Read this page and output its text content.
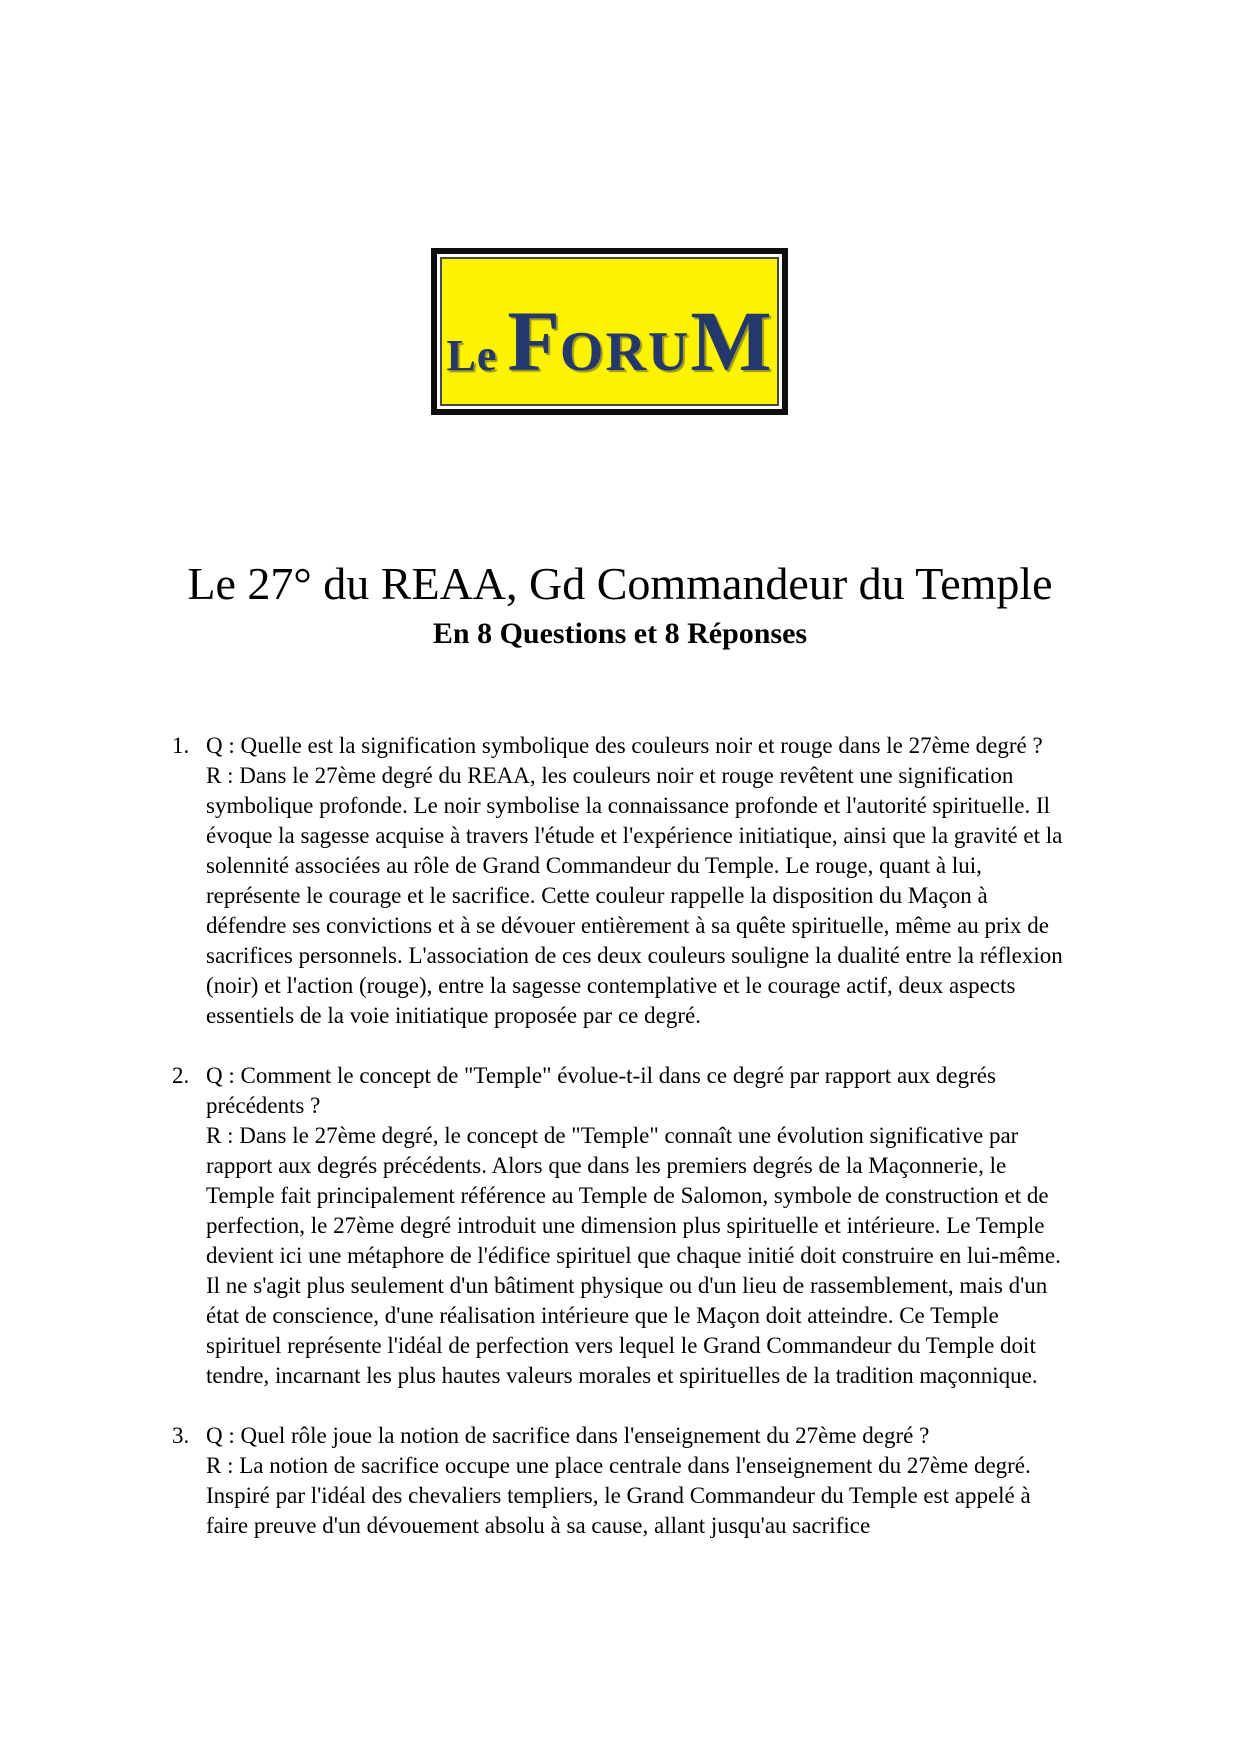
Le FORUM
Le 27° du REAA, Gd Commandeur du Temple
En 8 Questions et 8 Réponses
1. Q : Quelle est la signification symbolique des couleurs noir et rouge dans le 27ème degré ?
R : Dans le 27ème degré du REAA, les couleurs noir et rouge revêtent une signification symbolique profonde. Le noir symbolise la connaissance profonde et l'autorité spirituelle. Il évoque la sagesse acquise à travers l'étude et l'expérience initiatique, ainsi que la gravité et la solennité associées au rôle de Grand Commandeur du Temple. Le rouge, quant à lui, représente le courage et le sacrifice. Cette couleur rappelle la disposition du Maçon à défendre ses convictions et à se dévouer entièrement à sa quête spirituelle, même au prix de sacrifices personnels. L'association de ces deux couleurs souligne la dualité entre la réflexion (noir) et l'action (rouge), entre la sagesse contemplative et le courage actif, deux aspects essentiels de la voie initiatique proposée par ce degré.
2. Q : Comment le concept de "Temple" évolue-t-il dans ce degré par rapport aux degrés précédents ?
R : Dans le 27ème degré, le concept de "Temple" connaît une évolution significative par rapport aux degrés précédents. Alors que dans les premiers degrés de la Maçonnerie, le Temple fait principalement référence au Temple de Salomon, symbole de construction et de perfection, le 27ème degré introduit une dimension plus spirituelle et intérieure. Le Temple devient ici une métaphore de l'édifice spirituel que chaque initié doit construire en lui-même. Il ne s'agit plus seulement d'un bâtiment physique ou d'un lieu de rassemblement, mais d'un état de conscience, d'une réalisation intérieure que le Maçon doit atteindre. Ce Temple spirituel représente l'idéal de perfection vers lequel le Grand Commandeur du Temple doit tendre, incarnant les plus hautes valeurs morales et spirituelles de la tradition maçonnique.
3. Q : Quel rôle joue la notion de sacrifice dans l'enseignement du 27ème degré ?
R : La notion de sacrifice occupe une place centrale dans l'enseignement du 27ème degré. Inspiré par l'idéal des chevaliers templiers, le Grand Commandeur du Temple est appelé à faire preuve d'un dévouement absolu à sa cause, allant jusqu'au sacrifice
